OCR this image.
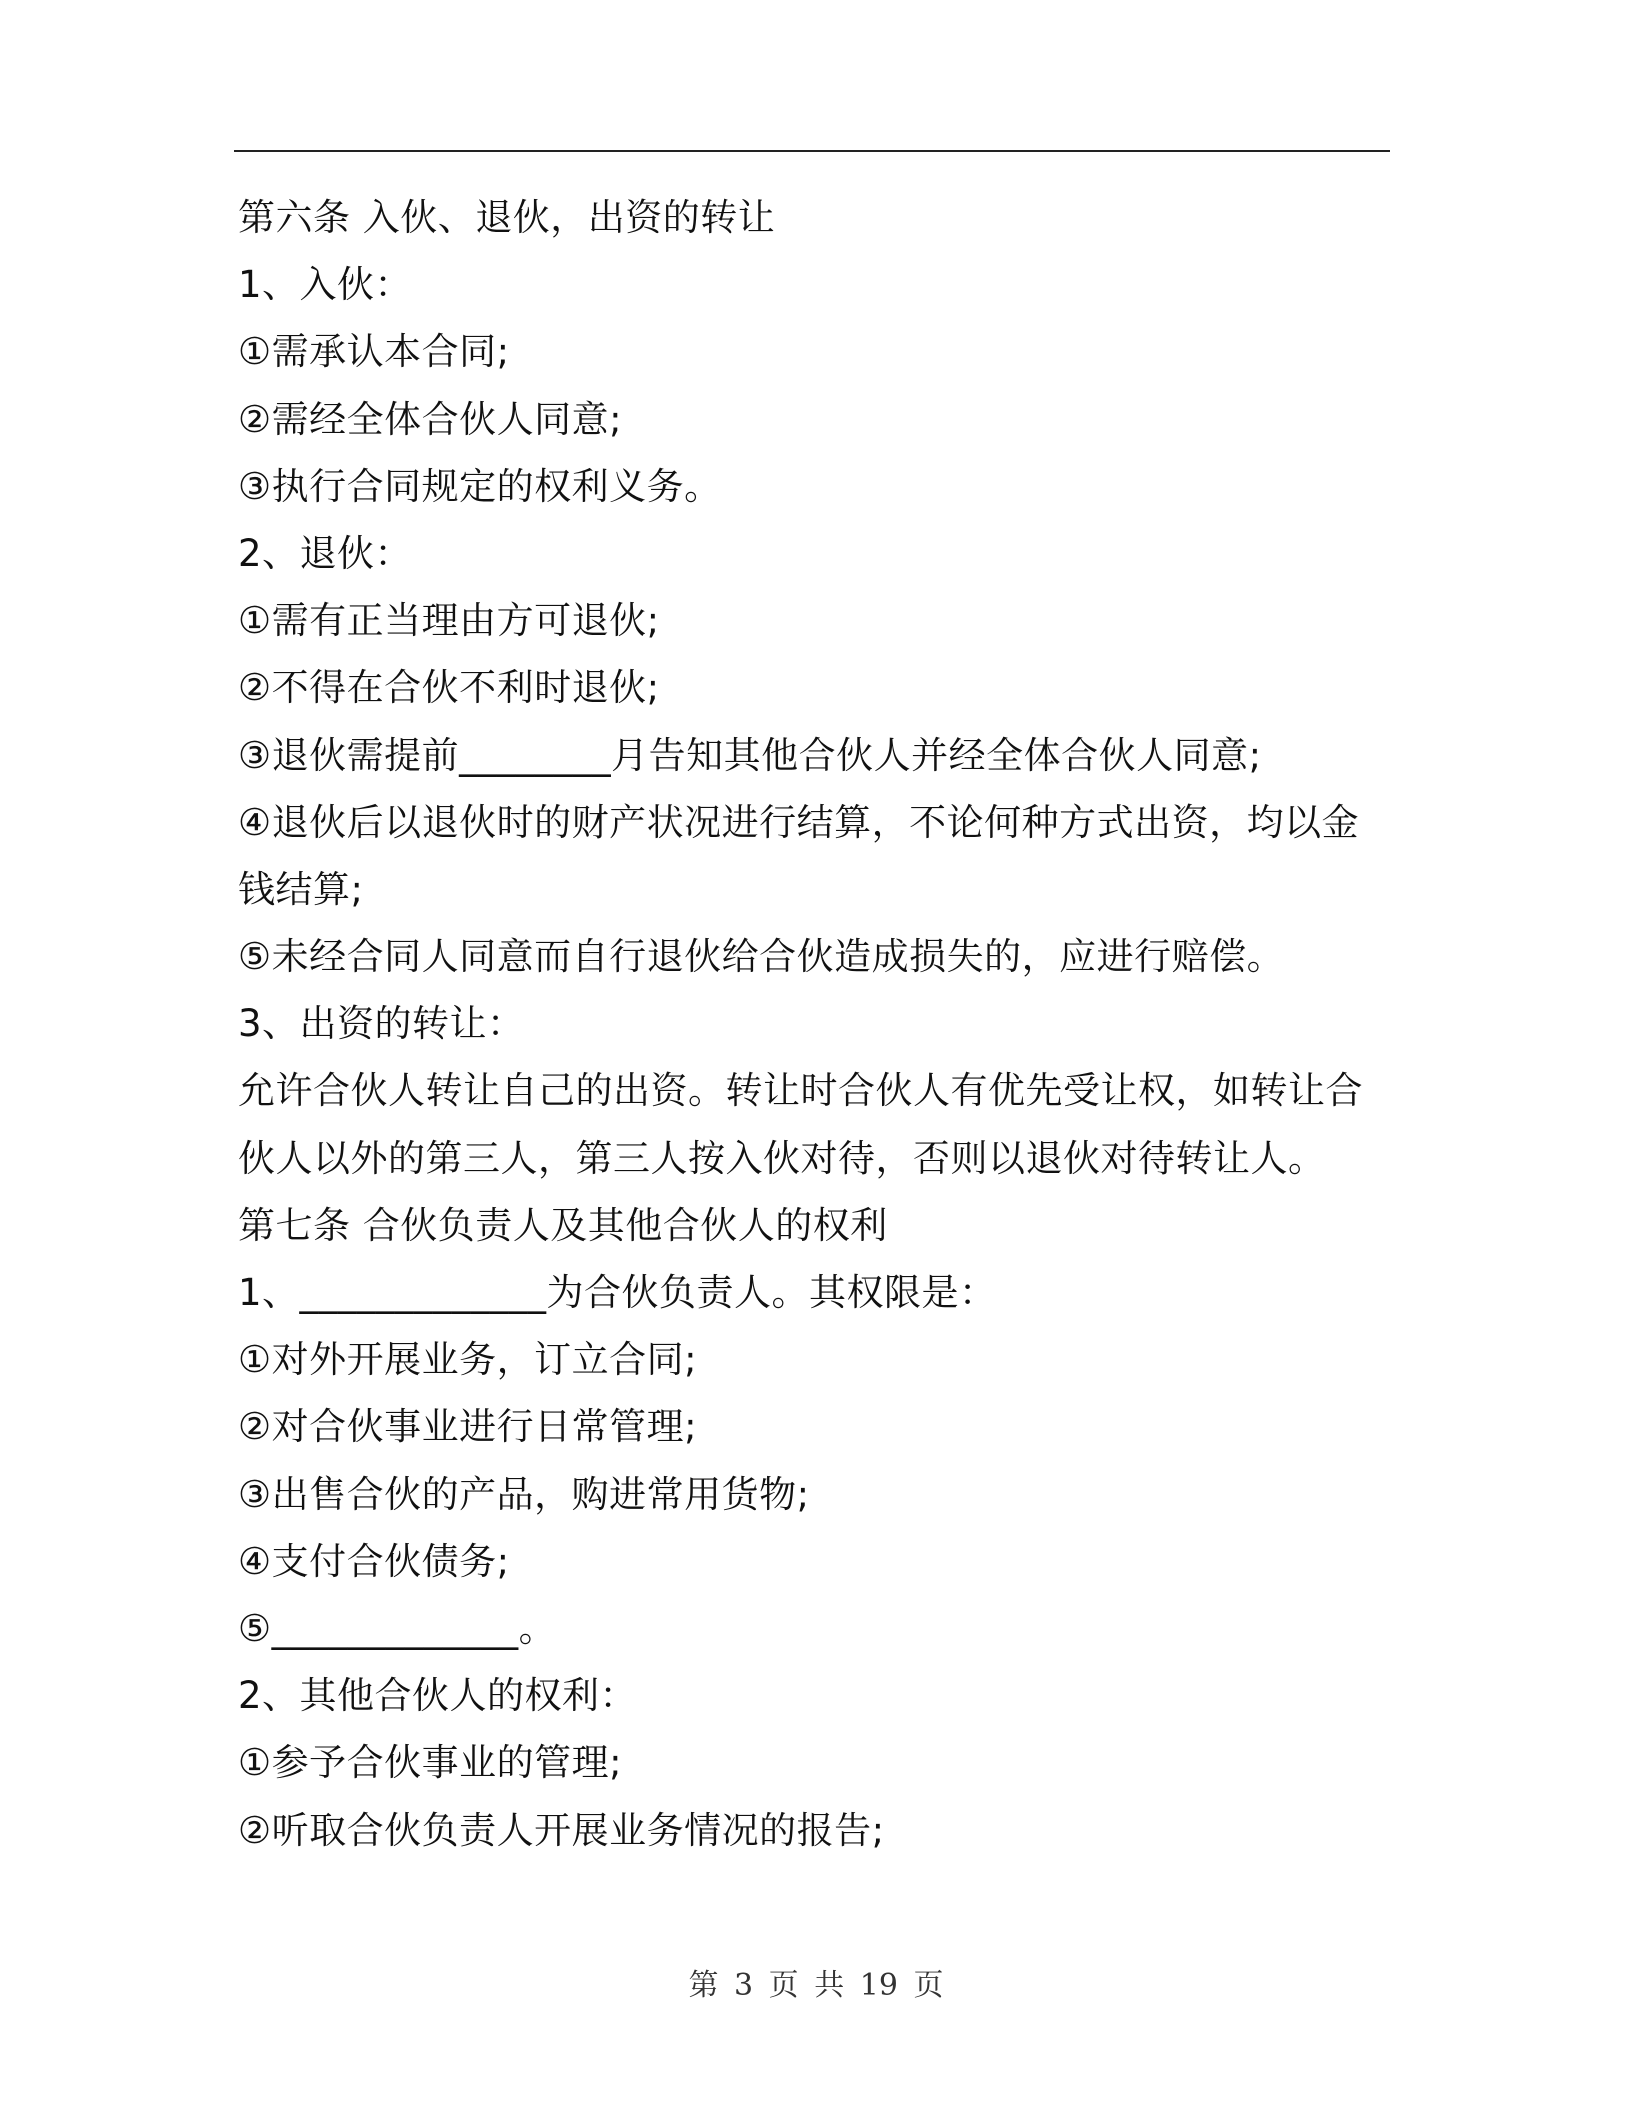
第六条 入伙、退伙，出资的转让
1、入伙：
①需承认本合同;
②需经全体合伙人同意;
③执行合同规定的权利义务。
2、退伙：
①需有正当理由方可退伙;
②不得在合伙不利时退伙;
③退伙需提前________月告知其他合伙人并经全体合伙人同意;
④退伙后以退伙时的财产状况进行结算，不论何种方式出资，均以金
钱结算;
⑤未经合同人同意而自行退伙给合伙造成损失的，应进行赔偿。
3、出资的转让：
允许合伙人转让自己的出资。转让时合伙人有优先受让权，如转让合
伙人以外的第三人，第三人按入伙对待，否则以退伙对待转让人。
第七条 合伙负责人及其他合伙人的权利
1、_____________为合伙负责人。其权限是：
①对外开展业务，订立合同;
②对合伙事业进行日常管理;
③出售合伙的产品，购进常用货物;
④支付合伙债务;
⑤_____________。
2、其他合伙人的权利：
①参予合伙事业的管理;
②听取合伙负责人开展业务情况的报告;
第 3 页 共 19 页
